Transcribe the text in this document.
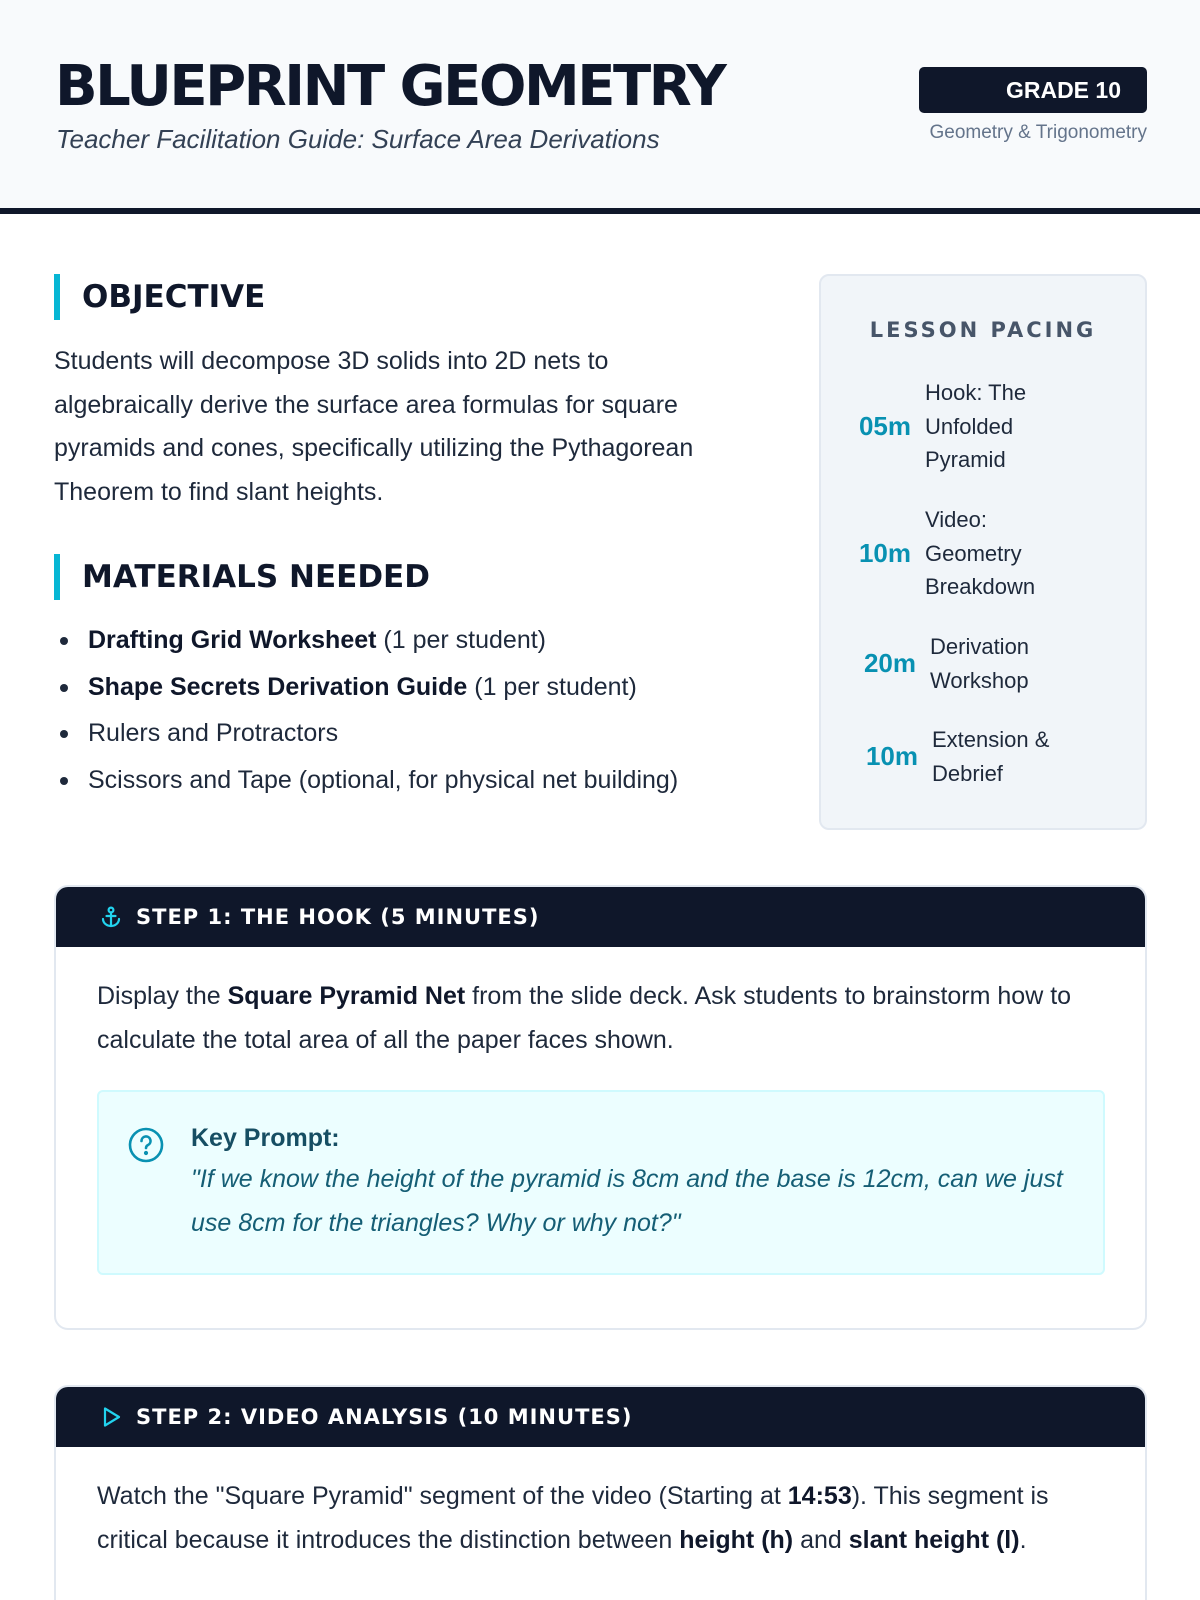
BLUEPRINT GEOMETRY
Teacher Facilitation Guide: Surface Area Derivations
GRADE 10
Geometry & Trigonometry
OBJECTIVE

Students will decompose 3D solids into 2D nets to algebraically derive the surface area formulas for square pyramids and cones, specifically utilizing the Pythagorean Theorem to find slant heights.

MATERIALS NEEDED
Drafting Grid Worksheet (1 per student)
Shape Secrets Derivation Guide (1 per student)
Rulers and Protractors
Scissors and Tape (optional, for physical net building)
LESSON PACING
05m
Hook: The Unfolded Pyramid
10m
Video: Geometry Breakdown
20m
Derivation Workshop
10m
Extension & Debrief
STEP 1: THE HOOK (5 MINUTES)

Display the Square Pyramid Net from the slide deck. Ask students to brainstorm how to calculate the total area of all the paper faces shown.

Key Prompt:
"If we know the height of the pyramid is 8cm and the base is 12cm, can we just use 8cm for the triangles? Why or why not?"
STEP 2: VIDEO ANALYSIS (10 MINUTES)

Watch the "Square Pyramid" segment of the video (Starting at 14:53). This segment is critical because it introduces the distinction between height (h) and slant height (l).
